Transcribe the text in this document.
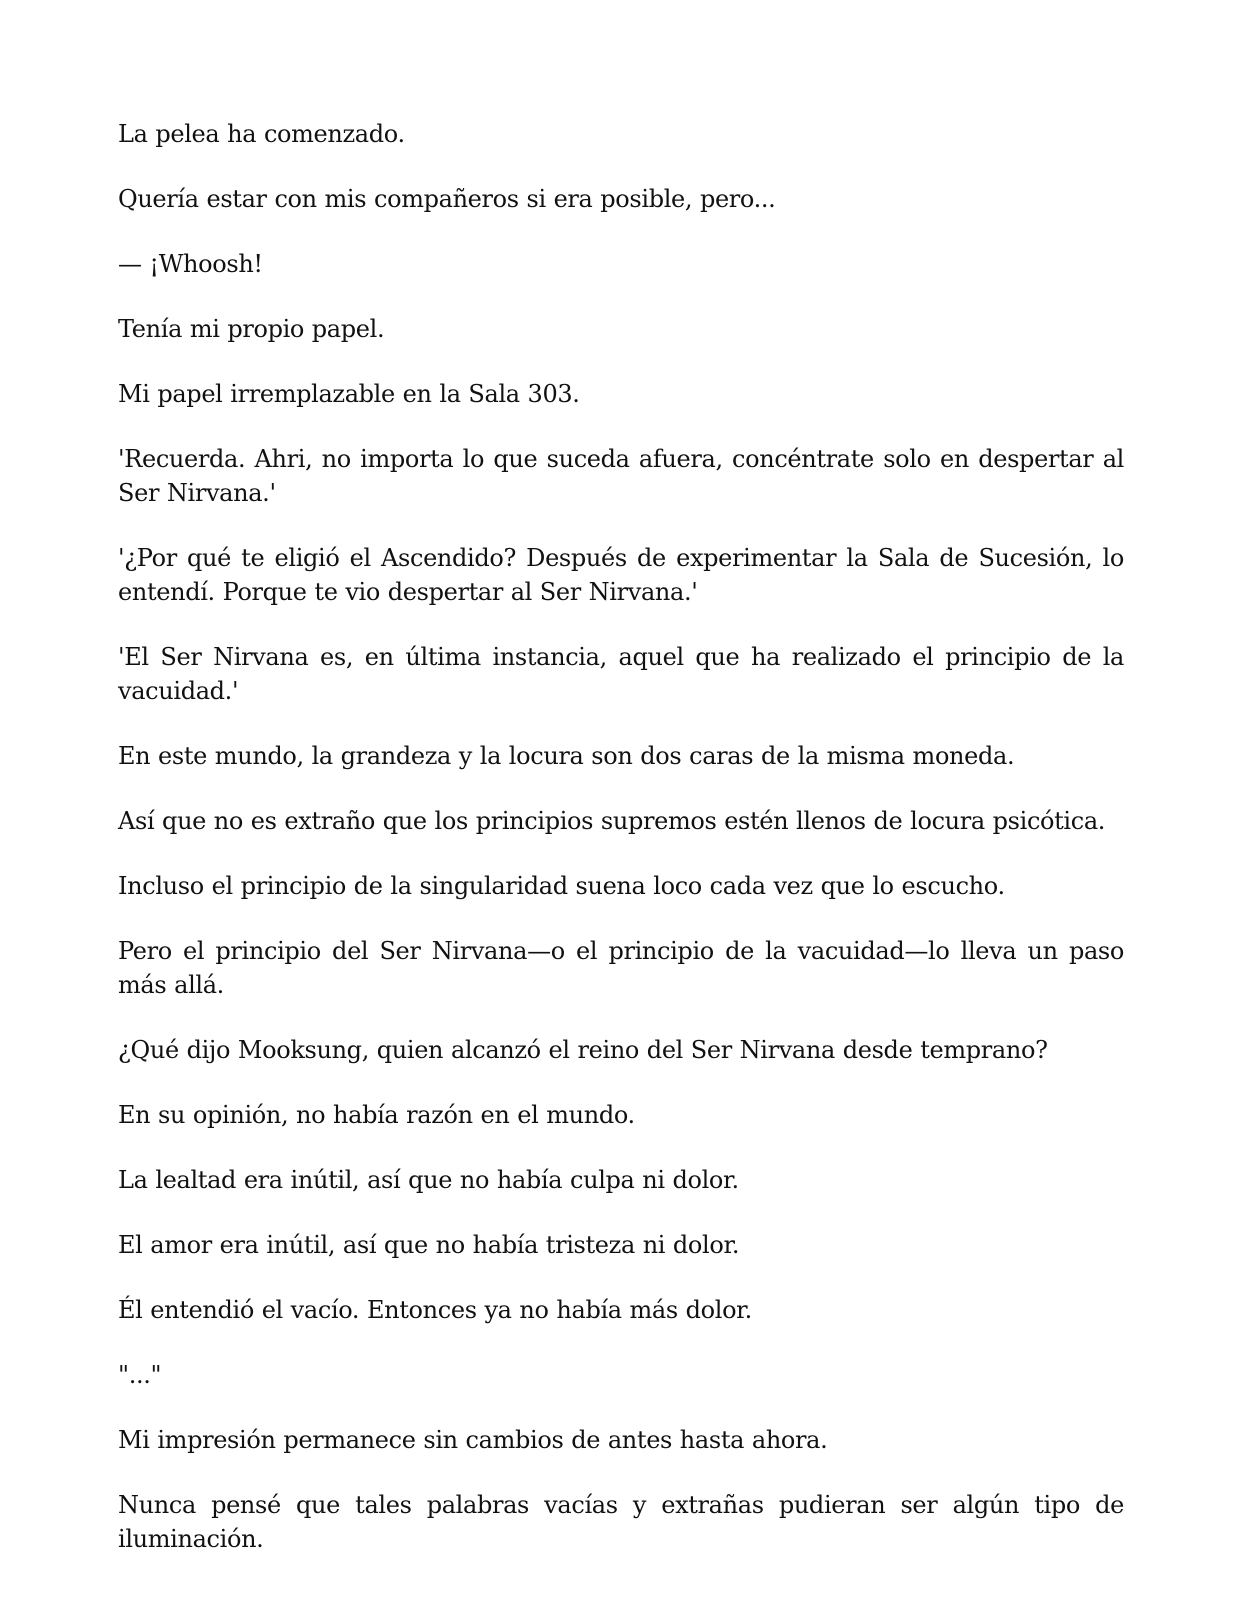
La pelea ha comenzado.

Quería estar con mis compañeros si era posible, pero...

— ¡Whoosh!

Tenía mi propio papel.

Mi papel irremplazable en la Sala 303.

'Recuerda. Ahri, no importa lo que suceda afuera, concéntrate solo en despertar al Ser Nirvana.'

'¿Por qué te eligió el Ascendido? Después de experimentar la Sala de Sucesión, lo entendí. Porque te vio despertar al Ser Nirvana.'

'El Ser Nirvana es, en última instancia, aquel que ha realizado el principio de la vacuidad.'

En este mundo, la grandeza y la locura son dos caras de la misma moneda.

Así que no es extraño que los principios supremos estén llenos de locura psicótica.

Incluso el principio de la singularidad suena loco cada vez que lo escucho.

Pero el principio del Ser Nirvana—o el principio de la vacuidad—lo lleva un paso más allá.

¿Qué dijo Mooksung, quien alcanzó el reino del Ser Nirvana desde temprano?

En su opinión, no había razón en el mundo.

La lealtad era inútil, así que no había culpa ni dolor.

El amor era inútil, así que no había tristeza ni dolor.

Él entendió el vacío. Entonces ya no había más dolor.

"..."

Mi impresión permanece sin cambios de antes hasta ahora.

Nunca pensé que tales palabras vacías y extrañas pudieran ser algún tipo de iluminación.
